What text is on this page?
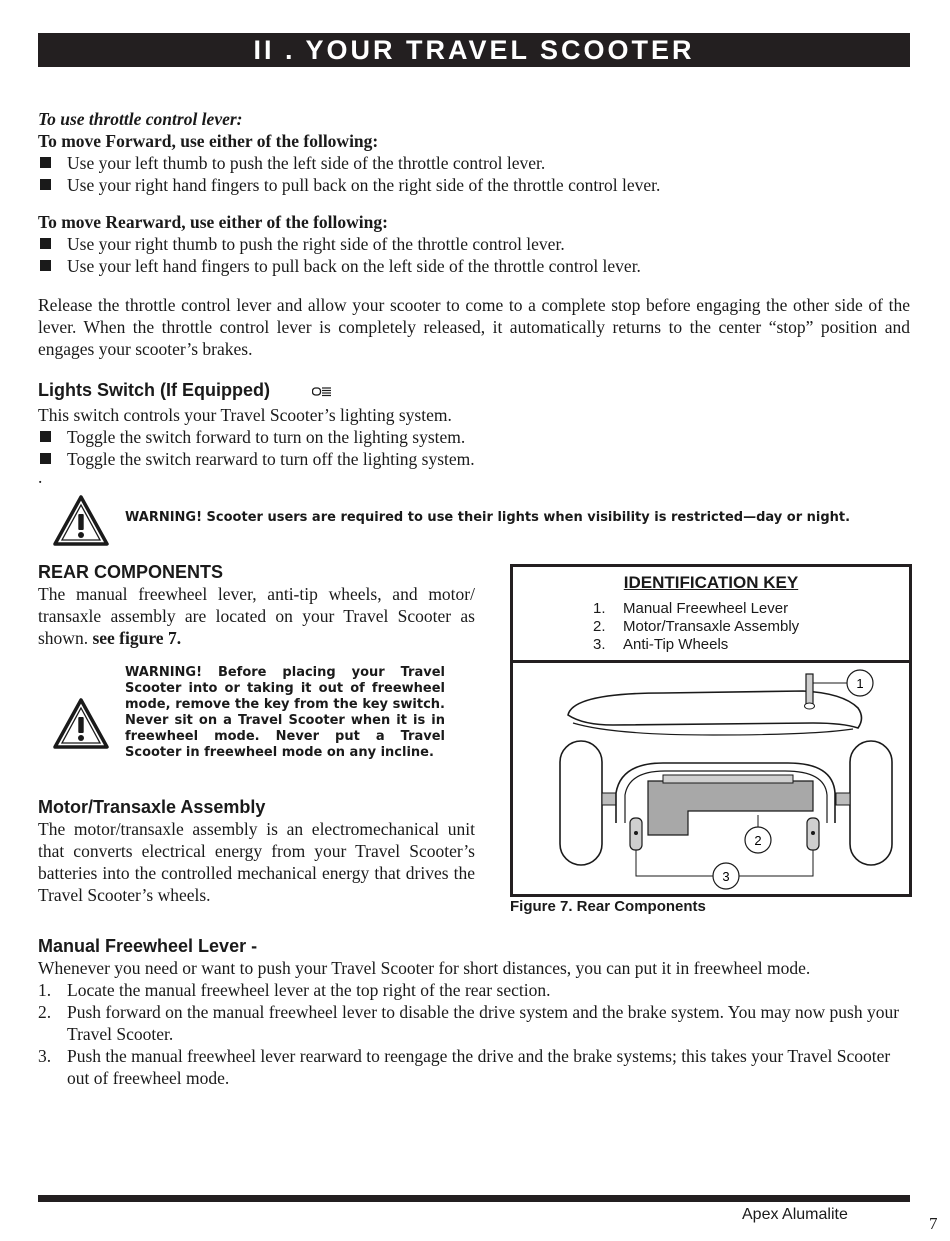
II . YOUR TRAVEL SCOOTER
To use throttle control lever:
To move Forward, use either of the following:
Use your left thumb to push the left side of the throttle control lever.
Use your right hand fingers to pull back on the right side of the throttle control lever.
To move Rearward, use either of the following:
Use your right thumb to push the right side of the throttle control lever.
Use your left hand fingers to pull back on the left side of the throttle control lever.
Release the throttle control lever and allow your scooter to come to a complete stop before engaging the other side of the lever. When the throttle control lever is completely released, it automatically returns to the center “stop” position and engages your scooter’s brakes.
Lights Switch (If Equipped)
This switch controls your Travel Scooter’s lighting system.
Toggle the switch forward to turn on the lighting system.
Toggle the switch rearward to turn off the lighting system.
.
WARNING! Scooter users are required to use their lights when visibility is restricted—day or night.
REAR COMPONENTS
The manual freewheel lever, anti-tip wheels, and motor/ transaxle assembly are located on your Travel Scooter as shown. see figure 7.
WARNING! Before placing your Travel Scooter into or taking it out of freewheel mode, remove the key from the key switch. Never sit on a Travel Scooter when it is in freewheel mode. Never put a Travel Scooter in freewheel mode on any incline.
Motor/Transaxle Assembly
The motor/transaxle assembly is an electromechanical unit that converts electrical energy from your Travel Scooter’s batteries into the controlled mechanical energy that drives the Travel Scooter’s wheels.
IDENTIFICATION KEY
1. Manual Freewheel Lever
2. Motor/Transaxle Assembly
3. Anti-Tip Wheels
1
2
3
Figure 7. Rear Components
Manual Freewheel Lever -
Whenever you need or want to push your Travel Scooter for short distances, you can put it in freewheel mode.
1. Locate the manual freewheel lever at the top right of the rear section.
2. Push forward on the manual freewheel lever to disable the drive system and the brake system. You may now push your Travel Scooter.
3. Push the manual freewheel lever rearward to reengage the drive and the brake systems; this takes your Travel Scooter out of freewheel mode.
Apex Alumalite	7
